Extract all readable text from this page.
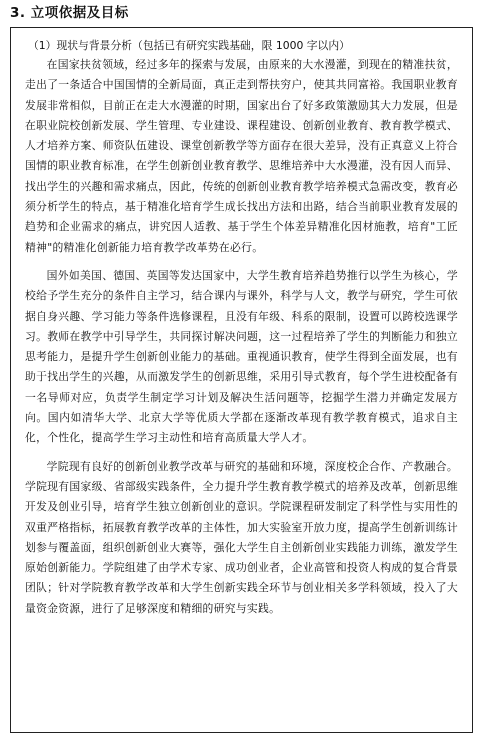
3. 立项依据及目标
（1）现状与背景分析（包括已有研究实践基础，限 1000 字以内）

在国家扶贫领域，经过多年的探索与发展，由原来的大水漫灌，到现在的精准扶贫，走出了一条适合中国国情的全新局面，真正走到帮扶穷户，使其共同富裕。我国职业教育发展非常相似，目前正在走大水漫灌的时期，国家出台了好多政策激励其大力发展，但是在职业院校创新发展、学生管理、专业建设、课程建设、创新创业教育、教育教学模式、人才培养方案、师资队伍建设、课堂创新教学等方面存在很大差异，没有正真意义上符合国情的职业教育标准，在学生创新创业教育教学、思维培养中大水漫灌，没有因人而异、找出学生的兴趣和需求痛点，因此，传统的创新创业教育教学培养模式急需改变，教育必须分析学生的特点，基于精准化培育学生成长找出方法和出路，结合当前职业教育发展的趋势和企业需求的痛点，讲究因人适教、基于学生个体差异精准化因材施教，培育"工匠精神"的精准化创新能力培育教学改革势在必行。

国外如美国、德国、英国等发达国家中，大学生教育培养趋势推行以学生为核心，学校给予学生充分的条件自主学习，结合课内与课外，科学与人文，教学与研究，学生可依据自身兴趣、学习能力等条件选修课程，且没有年级、科系的限制，设置可以跨校选课学习。教师在教学中引导学生，共同探讨解决问题，这一过程培养了学生的判断能力和独立思考能力，是提升学生创新创业能力的基础。重视通识教育，使学生得到全面发展，也有助于找出学生的兴趣，从而激发学生的创新思维，采用引导式教育，每个学生进校配备有一名导师对应，负责学生制定学习计划及解决生活问题等，挖掘学生潜力并确定发展方向。国内如清华大学、北京大学等优质大学都在逐渐改革现有教学教育模式，追求自主化，个性化，提高学生学习主动性和培育高质量大学人才。

学院现有良好的创新创业教学改革与研究的基础和环境，深度校企合作、产教融合。学院现有国家级、省部级实践条件，全力提升学生教育教学模式的培养及改革，创新思维开发及创业引导，培育学生独立创新创业的意识。学院课程研发制定了科学性与实用性的双重严格指标，拓展教育教学改革的主体性，加大实验室开放力度，提高学生创新训练计划参与覆盖面，组织创新创业大赛等，强化大学生自主创新创业实践能力训练，激发学生原始创新能力。学院组建了由学术专家、成功创业者，企业高管和投资人构成的复合背景团队；针对学院教育教学改革和大学生创新实践全环节与创业相关多学科领域，投入了大量资金资源，进行了足够深度和精细的研究与实践。
